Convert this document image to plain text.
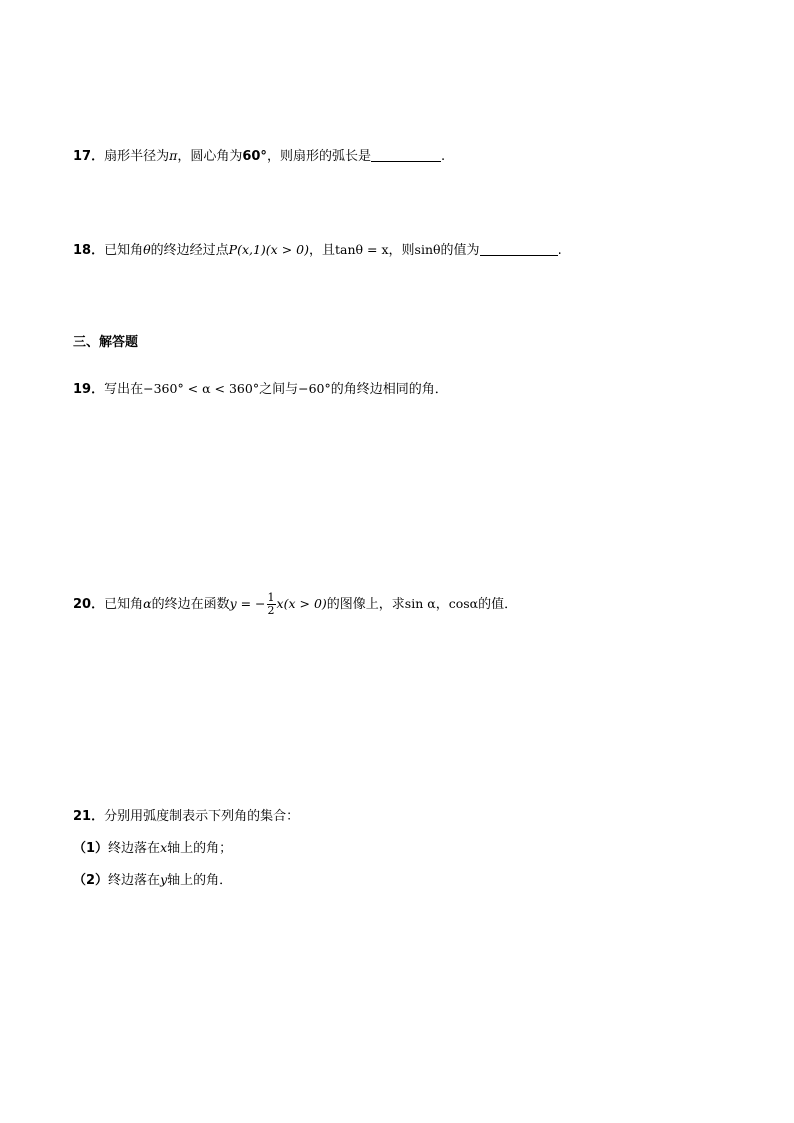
17．扇形半径为π，圆心角为60°，则扇形的弧长是	.
18．已知角θ的终边经过点P(x,1)(x > 0)，且tanθ = x，则sinθ的值为	.
三、解答题
19．写出在−360° < α < 360°之间与−60°的角终边相同的角．
20．已知角α的终边在函数y = − $\frac{1}{2} x(x > 0)$的图像上，求sin α，cosα的值．
21．分别用弧度制表示下列角的集合：
（1）终边落在x轴上的角；
（2）终边落在y轴上的角．
